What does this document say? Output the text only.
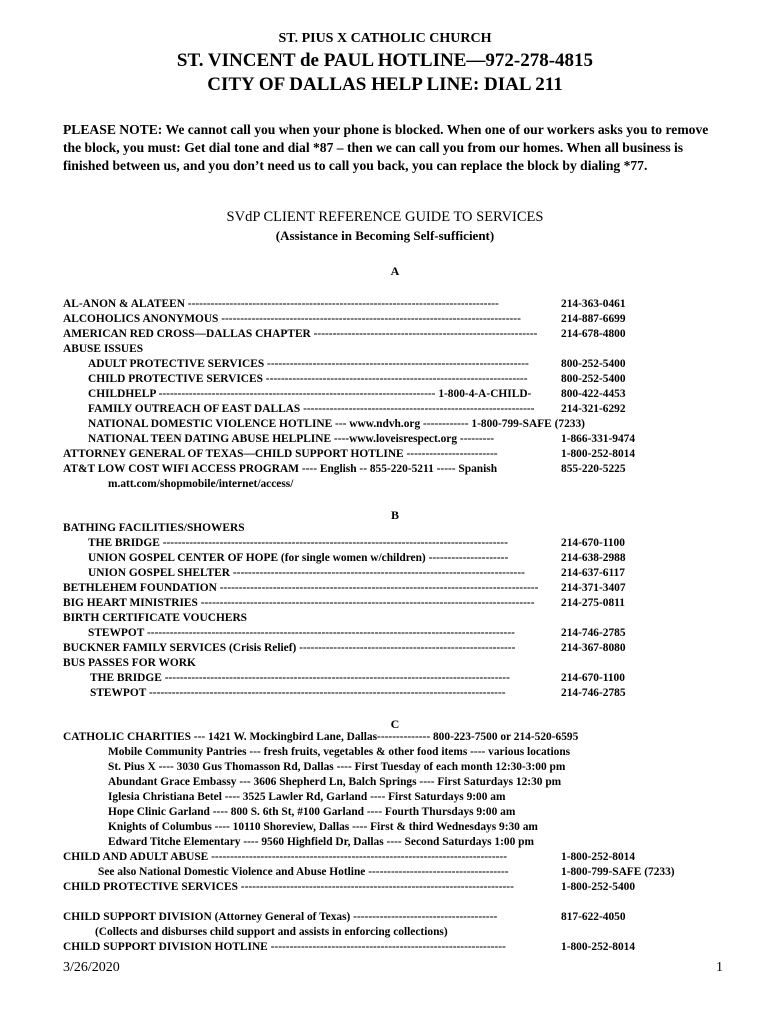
ST. PIUS X CATHOLIC CHURCH
ST. VINCENT de PAUL HOTLINE—972-278-4815
CITY OF DALLAS HELP LINE: DIAL 211
PLEASE NOTE: We cannot call you when your phone is blocked. When one of our workers asks you to remove the block, you must: Get dial tone and dial *87 – then we can call you from our homes. When all business is finished between us, and you don’t need us to call you back, you can replace the block by dialing *77.
SVdP CLIENT REFERENCE GUIDE TO SERVICES
(Assistance in Becoming Self-sufficient)
A
AL-ANON & ALATEEN ----------------------------------------------------------------------------------	214-363-0461
ALCOHOLICS ANONYMOUS -------------------------------------------------------------------------------	214-887-6699
AMERICAN RED CROSS—DALLAS CHAPTER -----------------------------------------------------------	214-678-4800
ABUSE ISSUES
ADULT PROTECTIVE SERVICES ---------------------------------------------------------------------	800-252-5400
CHILD PROTECTIVE SERVICES ---------------------------------------------------------------------	800-252-5400
CHILDHELP ------------------------------------------------------------------------- 1-800-4-A-CHILD-	800-422-4453
FAMILY OUTREACH OF EAST DALLAS -------------------------------------------------------------	214-321-6292
NATIONAL DOMESTIC VIOLENCE HOTLINE --- www.ndvh.org ------------ 1-800-799-SAFE (7233)
NATIONAL TEEN DATING ABUSE HELPLINE ----www.loveisrespect.org ---------	1-866-331-9474
ATTORNEY GENERAL OF TEXAS—CHILD SUPPORT HOTLINE ------------------------	1-800-252-8014
AT&T LOW COST WIFI ACCESS PROGRAM ---- English -- 855-220-5211 ----- Spanish	855-220-5225
m.att.com/shopmobile/internet/access/
B
BATHING FACILITIES/SHOWERS
THE BRIDGE -------------------------------------------------------------------------------------------	214-670-1100
UNION GOSPEL CENTER OF HOPE (for single women w/children) ---------------------	214-638-2988
UNION GOSPEL SHELTER -----------------------------------------------------------------------------	214-637-6117
BETHLEHEM FOUNDATION ------------------------------------------------------------------------------------	214-371-3407
BIG HEART MINISTRIES ----------------------------------------------------------------------------------------	214-275-0811
BIRTH CERTIFICATE VOUCHERS
STEWPOT -------------------------------------------------------------------------------------------------	214-746-2785
BUCKNER FAMILY SERVICES (Crisis Relief) ---------------------------------------------------------	214-367-8080
BUS PASSES FOR WORK
THE BRIDGE -------------------------------------------------------------------------------------------	214-670-1100
STEWPOT ----------------------------------------------------------------------------------------------	214-746-2785
C
CATHOLIC CHARITIES --- 1421 W. Mockingbird Lane, Dallas-------------- 800-223-7500 or 214-520-6595
Mobile Community Pantries --- fresh fruits, vegetables & other food items ---- various locations
St. Pius X ---- 3030 Gus Thomasson Rd, Dallas ---- First Tuesday of each month 12:30-3:00 pm
Abundant Grace Embassy --- 3606 Shepherd Ln, Balch Springs ---- First Saturdays 12:30 pm
Iglesia Christiana Betel ---- 3525 Lawler Rd, Garland ---- First Saturdays 9:00 am
Hope Clinic Garland ---- 800 S. 6th St, #100 Garland ---- Fourth Thursdays 9:00 am
Knights of Columbus ---- 10110 Shoreview, Dallas ---- First & third Wednesdays 9:30 am
Edward Titche Elementary ---- 9560 Highfield Dr, Dallas ---- Second Saturdays 1:00 pm
CHILD AND ADULT ABUSE ------------------------------------------------------------------------------	1-800-252-8014
See also National Domestic Violence and Abuse Hotline -------------------------------------	1-800-799-SAFE (7233)
CHILD PROTECTIVE SERVICES ------------------------------------------------------------------------	1-800-252-5400
CHILD SUPPORT DIVISION (Attorney General of Texas) --------------------------------------	817-622-4050
(Collects and disburses child support and assists in enforcing collections)
CHILD SUPPORT DIVISION HOTLINE --------------------------------------------------------------	1-800-252-8014
3/26/2020	1
